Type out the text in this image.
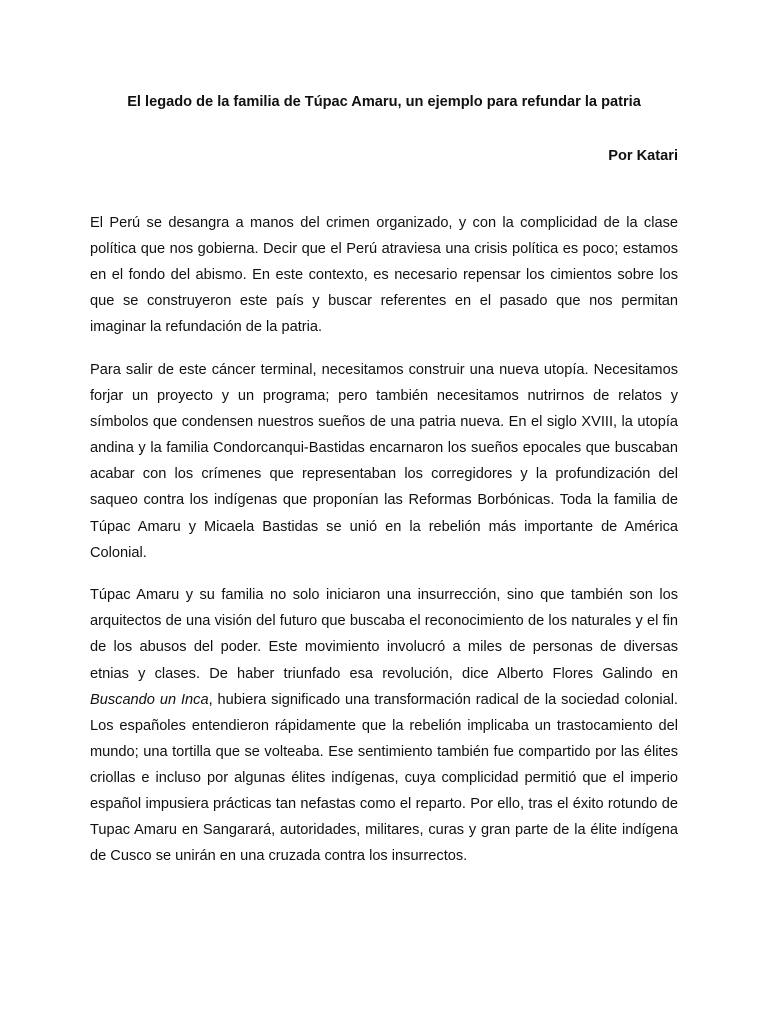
El legado de la familia de Túpac Amaru, un ejemplo para refundar la patria
Por Katari

El Perú se desangra a manos del crimen organizado, y con la complicidad de la clase política que nos gobierna. Decir que el Perú atraviesa una crisis política es poco; estamos en el fondo del abismo. En este contexto, es necesario repensar los cimientos sobre los que se construyeron este país y buscar referentes en el pasado que nos permitan imaginar la refundación de la patria.

Para salir de este cáncer terminal, necesitamos construir una nueva utopía. Necesitamos forjar un proyecto y un programa; pero también necesitamos nutrirnos de relatos y símbolos que condensen nuestros sueños de una patria nueva. En el siglo XVIII, la utopía andina y la familia Condorcanqui-Bastidas encarnaron los sueños epocales que buscaban acabar con los crímenes que representaban los corregidores y la profundización del saqueo contra los indígenas que proponían las Reformas Borbónicas. Toda la familia de Túpac Amaru y Micaela Bastidas se unió en la rebelión más importante de América Colonial.

Túpac Amaru y su familia no solo iniciaron una insurrección, sino que también son los arquitectos de una visión del futuro que buscaba el reconocimiento de los naturales y el fin de los abusos del poder. Este movimiento involucró a miles de personas de diversas etnias y clases. De haber triunfado esa revolución, dice Alberto Flores Galindo en Buscando un Inca, hubiera significado una transformación radical de la sociedad colonial. Los españoles entendieron rápidamente que la rebelión implicaba un trastocamiento del mundo; una tortilla que se volteaba. Ese sentimiento también fue compartido por las élites criollas e incluso por algunas élites indígenas, cuya complicidad permitió que el imperio español impusiera prácticas tan nefastas como el reparto. Por ello, tras el éxito rotundo de Tupac Amaru en Sangarará, autoridades, militares, curas y gran parte de la élite indígena de Cusco se unirán en una cruzada contra los insurrectos.
